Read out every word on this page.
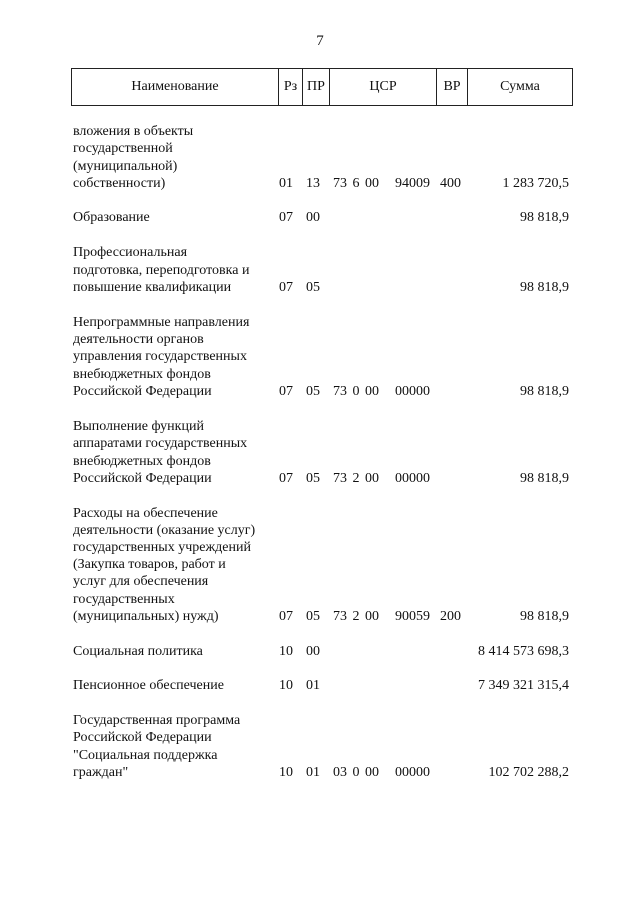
7
Наименование	Рз ПР	ЦСР	ВР	Сумма
вложения в объекты
государственной
(муниципальной)
собственности)	01 13 73 6 00 94009 400	1 283 720,5
Образование	07 00	98 818,9
Профессиональная
подготовка, переподготовка и
повышение квалификации	07 05	98 818,9
Непрограммные направления
деятельности органов
управления государственных
внебюджетных фондов
Российской Федерации	07 05 73 0 00 00000	98 818,9
Выполнение функций
аппаратами государственных
внебюджетных фондов
Российской Федерации	07 05 73 2 00 00000	98 818,9
Расходы на обеспечение
деятельности (оказание услуг)
государственных учреждений
(Закупка товаров, работ и
услуг для обеспечения
государственных
(муниципальных) нужд)	07 05 73 2 00 90059 200	98 818,9
Социальная политика	10 00	8 414 573 698,3
Пенсионное обеспечение	10 01	7 349 321 315,4
Государственная программа
Российской Федерации
"Социальная поддержка
граждан"	10 01 03 0 00 00000	102 702 288,2
